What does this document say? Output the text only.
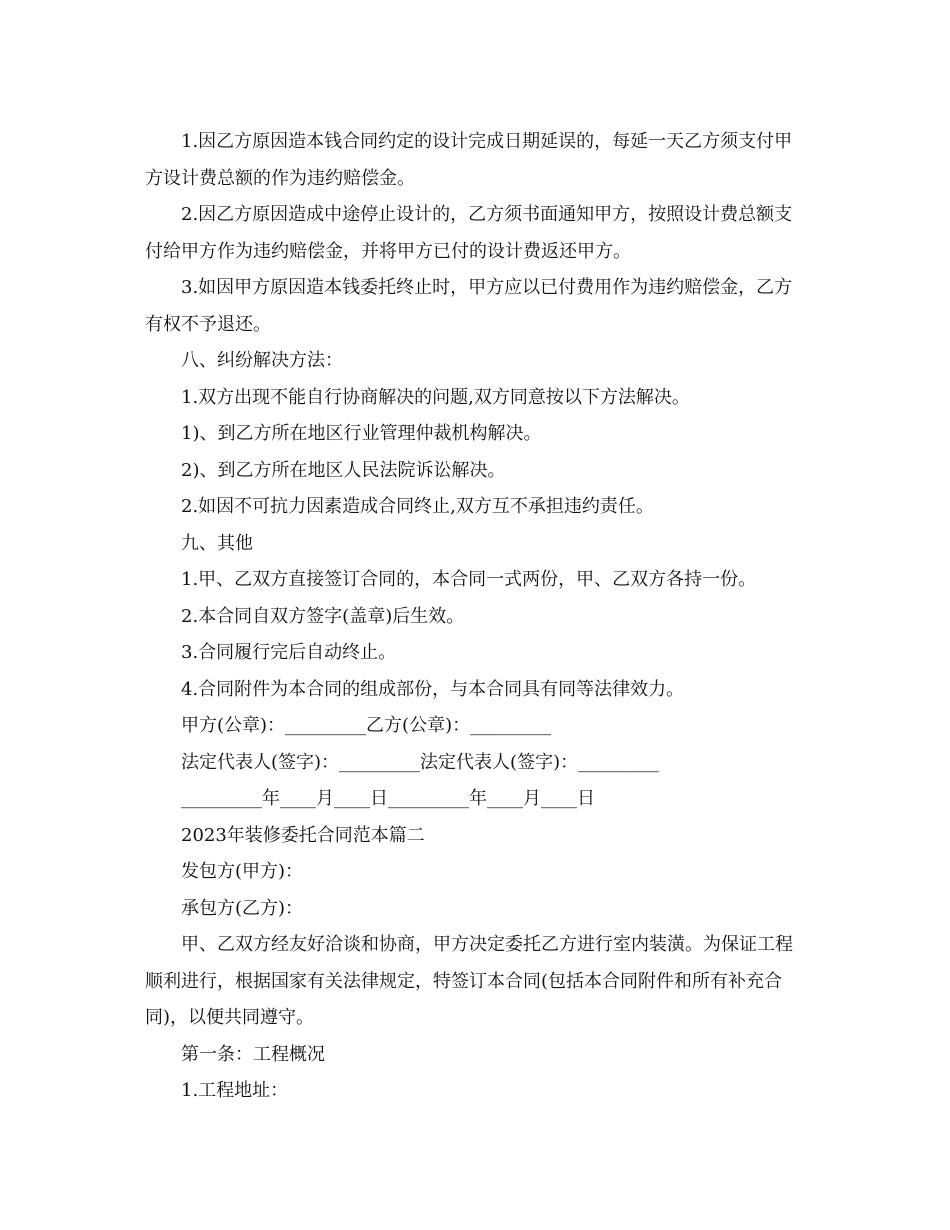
1.因乙方原因造本钱合同约定的设计完成日期延误的，每延一天乙方须支付甲方设计费总额的作为违约赔偿金。

2.因乙方原因造成中途停止设计的，乙方须书面通知甲方，按照设计费总额支付给甲方作为违约赔偿金，并将甲方已付的设计费返还甲方。

3.如因甲方原因造本钱委托终止时，甲方应以已付费用作为违约赔偿金，乙方有权不予退还。

八、纠纷解决方法：

1.双方出现不能自行协商解决的问题,双方同意按以下方法解决。

1)、到乙方所在地区行业管理仲裁机构解决。

2)、到乙方所在地区人民法院诉讼解决。

2.如因不可抗力因素造成合同终止,双方互不承担违约责任。

九、其他

1.甲、乙双方直接签订合同的，本合同一式两份，甲、乙双方各持一份。

2.本合同自双方签字(盖章)后生效。

3.合同履行完后自动终止。

4.合同附件为本合同的组成部份，与本合同具有同等法律效力。

甲方(公章)：_________乙方(公章)：_________

法定代表人(签字)：_________法定代表人(签字)：_________

_________年____月____日_________年____月____日

2023年装修委托合同范本篇二

发包方(甲方)：

承包方(乙方)：

甲、乙双方经友好洽谈和协商，甲方决定委托乙方进行室内装潢。为保证工程顺利进行，根据国家有关法律规定，特签订本合同(包括本合同附件和所有补充合同)，以便共同遵守。

第一条：工程概况

1.工程地址：
